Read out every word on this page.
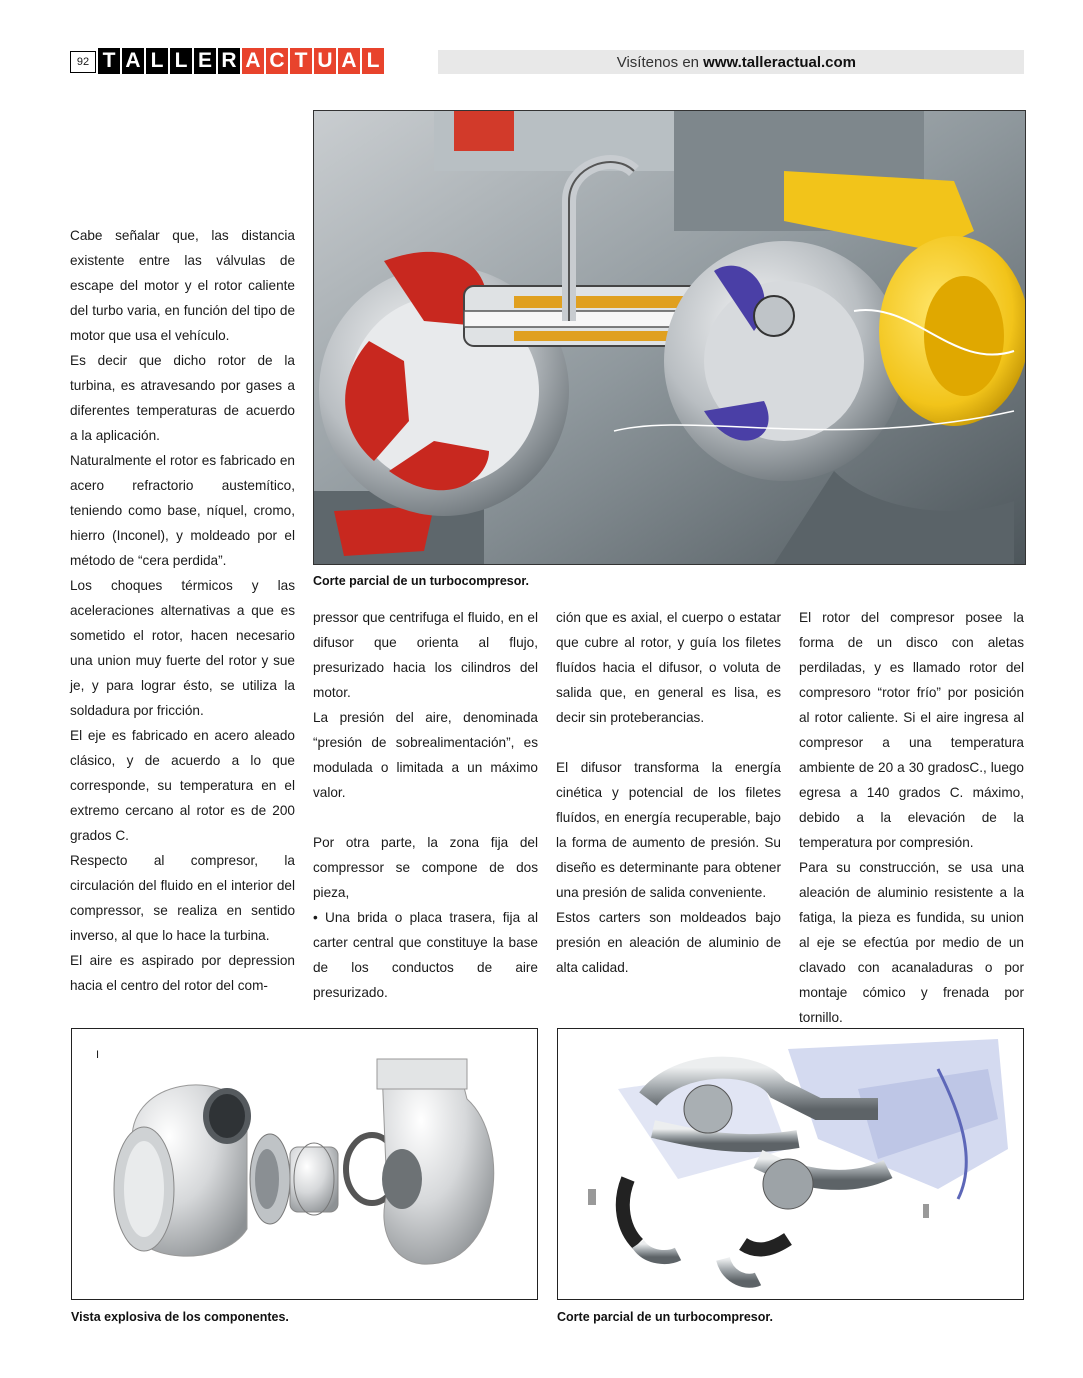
92 T A L L E R A C T U A L	Visítenos en www.talleractual.com
Corte parcial de un turbocompresor.

Cabe señalar que, las distancia existente entre las válvulas de escape del motor y el rotor caliente del turbo varia, en función del tipo de motor que usa el vehículo.

Es decir que dicho rotor de la turbina, es atravesando por gases a diferentes temperaturas de acuerdo a la aplicación.

Naturalmente el rotor es fabricado en acero refractorio austemítico, teniendo como base, níquel, cromo, hierro (Inconel), y moldeado por el método de “cera perdida”.

Los choques térmicos y las aceleraciones alternativas a que es sometido el rotor, hacen necesario una union muy fuerte del rotor y sue je, y para lograr ésto, se utiliza la soldadura por fricción.

El eje es fabricado en acero aleado clásico, y de acuerdo a lo que corresponde, su temperatura en el extremo cercano al rotor es de 200 grados C.

Respecto al compresor, la circulación del fluido en el interior del compressor, se realiza en sentido inverso, al que lo hace la turbina.

El aire es aspirado por depression hacia el centro del rotor del com-

pressor que centrifuga el fluido, en el difusor que orienta al flujo, presurizado hacia los cilindros del motor.

La presión del aire, denominada “presión de sobrealimentación”, es modulada o limitada a un máximo valor.

Por otra parte, la zona fija del compressor se compone de dos pieza,

• Una brida o placa trasera, fija al carter central que constituye la base de los conductos de aire presurizado.

ción que es axial, el cuerpo o estatar que cubre al rotor, y guía los filetes fluídos hacia el difusor, o voluta de salida que, en general es lisa, es decir sin proteberancias.

El difusor transforma la energía cinética y potencial de los filetes fluídos, en energía recuperable, bajo la forma de aumento de presión. Su diseño es determinante para obtener una presión de salida conveniente.

Estos carters son moldeados bajo presión en aleación de aluminio de alta calidad.

El rotor del compresor posee la forma de un disco con aletas perdiladas, y es llamado rotor del compresoro “rotor frío” por posición al rotor caliente. Si el aire ingresa al compresor a una temperatura ambiente de 20 a 30 gradosC., luego egresa a 140 grados C. máximo, debido a la elevación de la temperatura por compresión.

Para su construcción, se usa una aleación de aluminio resistente a la fatiga, la pieza es fundida, su union al eje se efectúa por medio de un clavado con acanaladuras o por montaje cómico y frenada por tornillo.

I
Vista explosiva de los componentes.	Corte parcial de un turbocompresor.
